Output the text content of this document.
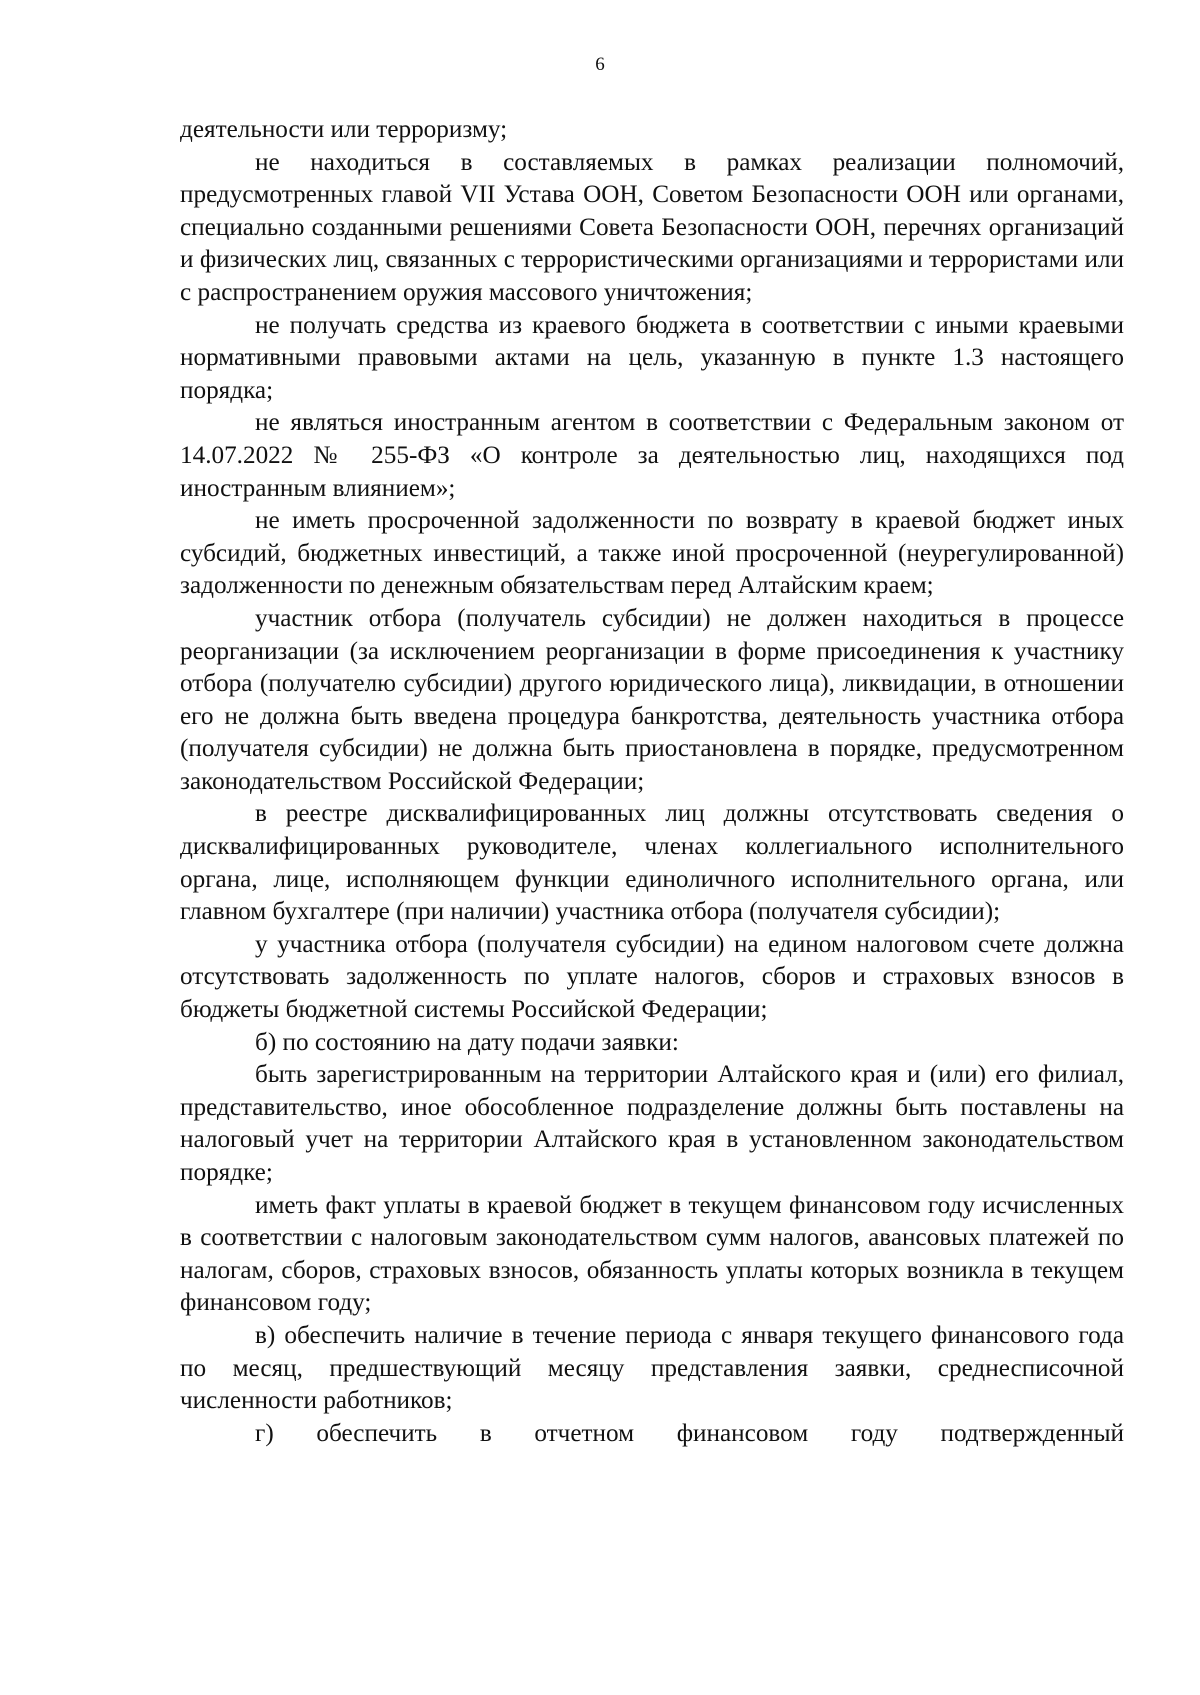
6

деятельности или терроризму;

не находиться в составляемых в рамках реализации полномочий, предусмотренных главой VII Устава ООН, Советом Безопасности ООН или органами, специально созданными решениями Совета Безопасности ООН, перечнях организаций и физических лиц, связанных с террористическими организациями и террористами или с распространением оружия массового уничтожения;

не получать средства из краевого бюджета в соответствии с иными краевыми нормативными правовыми актами на цель, указанную в пункте 1.3 настоящего порядка;

не являться иностранным агентом в соответствии с Федеральным законом от 14.07.2022 № 255-ФЗ «О контроле за деятельностью лиц, находящихся под иностранным влиянием»;

не иметь просроченной задолженности по возврату в краевой бюджет иных субсидий, бюджетных инвестиций, а также иной просроченной (неурегулированной) задолженности по денежным обязательствам перед Алтайским краем;

участник отбора (получатель субсидии) не должен находиться в процессе реорганизации (за исключением реорганизации в форме присоединения к участнику отбора (получателю субсидии) другого юридического лица), ликвидации, в отношении его не должна быть введена процедура банкротства, деятельность участника отбора (получателя субсидии) не должна быть приостановлена в порядке, предусмотренном законодательством Российской Федерации;

в реестре дисквалифицированных лиц должны отсутствовать сведения о дисквалифицированных руководителе, членах коллегиального исполнительного органа, лице, исполняющем функции единоличного исполнительного органа, или главном бухгалтере (при наличии) участника отбора (получателя субсидии);

у участника отбора (получателя субсидии) на едином налоговом счете должна отсутствовать задолженность по уплате налогов, сборов и страховых взносов в бюджеты бюджетной системы Российской Федерации;

б) по состоянию на дату подачи заявки:

быть зарегистрированным на территории Алтайского края и (или) его филиал, представительство, иное обособленное подразделение должны быть поставлены на налоговый учет на территории Алтайского края в установленном законодательством порядке;

иметь факт уплаты в краевой бюджет в текущем финансовом году исчисленных в соответствии с налоговым законодательством сумм налогов, авансовых платежей по налогам, сборов, страховых взносов, обязанность уплаты которых возникла в текущем финансовом году;

в) обеспечить наличие в течение периода с января текущего финансового года по месяц, предшествующий месяцу представления заявки, среднесписочной численности работников;

г) обеспечить в отчетном финансовом году подтвержденный
